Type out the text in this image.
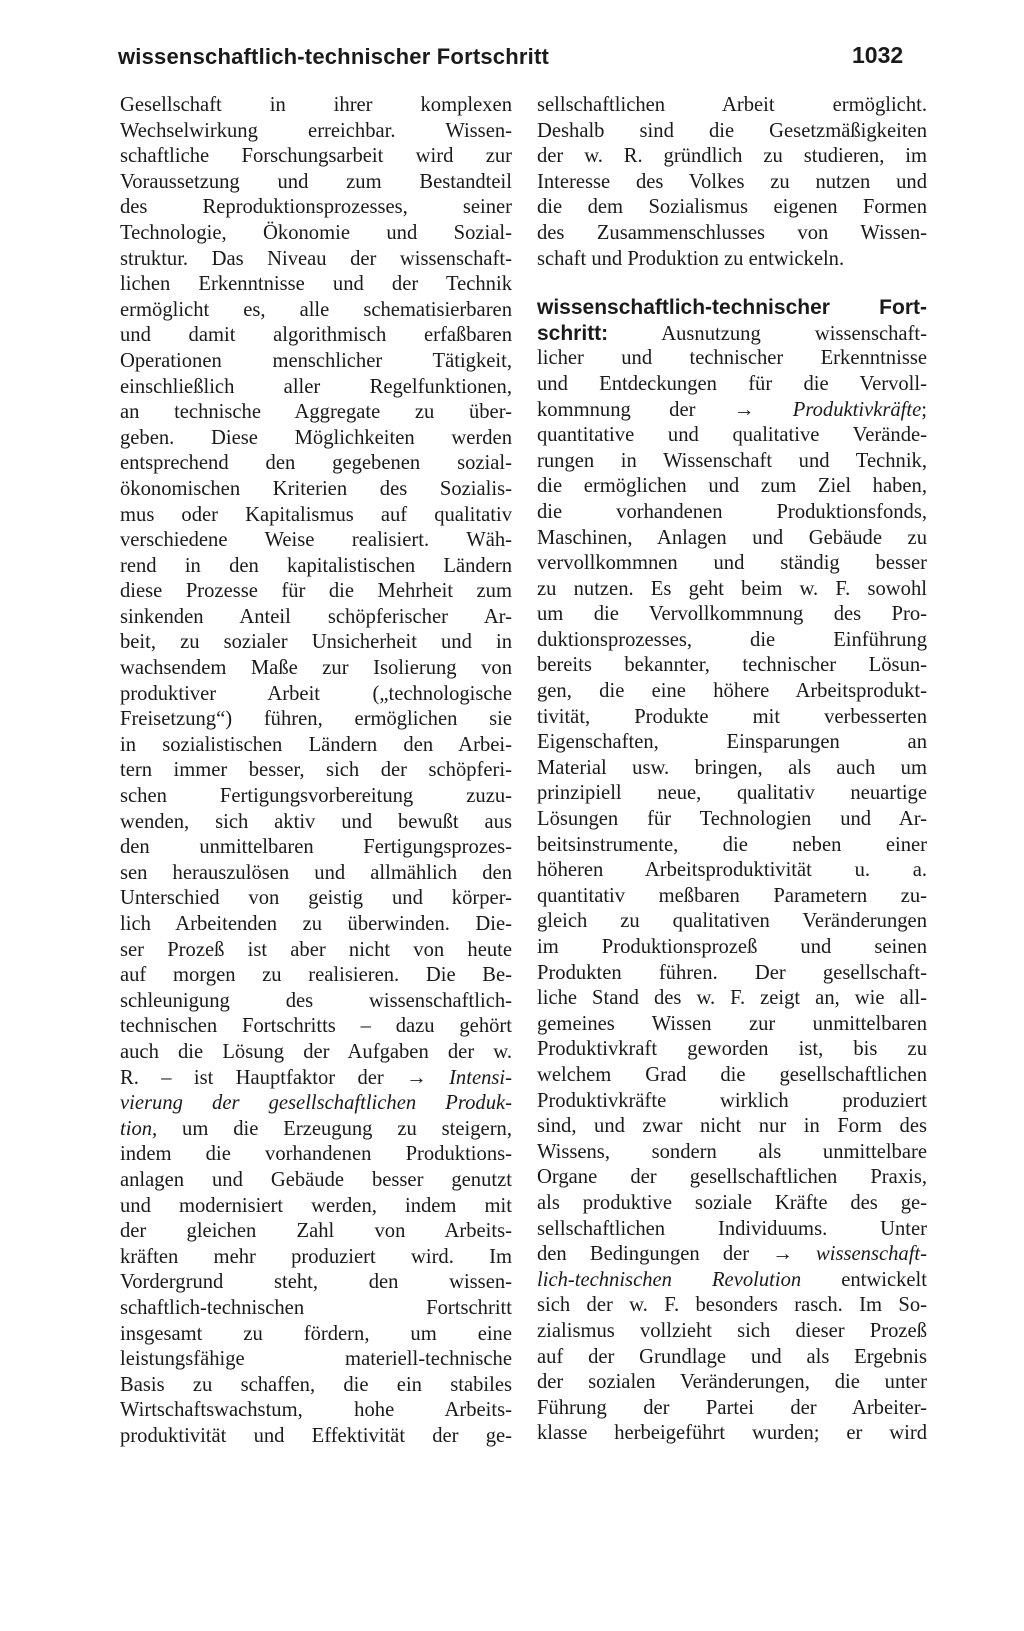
wissenschaftlich-technischer Fortschritt	1032
Gesellschaft in ihrer komplexen
Wechselwirkung erreichbar. Wissen-
schaftliche Forschungsarbeit wird zur
Voraussetzung und zum Bestandteil
des Reproduktionsprozesses, seiner
Technologie, Ökonomie und Sozial-
struktur. Das Niveau der wissenschaft-
lichen Erkenntnisse und der Technik
ermöglicht es, alle schematisierbaren
und damit algorithmisch erfaßbaren
Operationen menschlicher Tätigkeit,
einschließlich aller Regelfunktionen,
an technische Aggregate zu über-
geben. Diese Möglichkeiten werden
entsprechend den gegebenen sozial-
ökonomischen Kriterien des Sozialis-
mus oder Kapitalismus auf qualitativ
verschiedene Weise realisiert. Wäh-
rend in den kapitalistischen Ländern
diese Prozesse für die Mehrheit zum
sinkenden Anteil schöpferischer Ar-
beit, zu sozialer Unsicherheit und in
wachsendem Maße zur Isolierung von
produktiver Arbeit („technologische
Freisetzung“) führen, ermöglichen sie
in sozialistischen Ländern den Arbei-
tern immer besser, sich der schöpferi-
schen Fertigungsvorbereitung zuzu-
wenden, sich aktiv und bewußt aus
den unmittelbaren Fertigungsprozes-
sen herauszulösen und allmählich den
Unterschied von geistig und körper-
lich Arbeitenden zu überwinden. Die-
ser Prozeß ist aber nicht von heute
auf morgen zu realisieren. Die Be-
schleunigung des wissenschaftlich-
technischen Fortschritts – dazu gehört
auch die Lösung der Aufgaben der w.
R. – ist Hauptfaktor der → Intensi-
vierung der gesellschaftlichen Produk-
tion, um die Erzeugung zu steigern,
indem die vorhandenen Produktions-
anlagen und Gebäude besser genutzt
und modernisiert werden, indem mit
der gleichen Zahl von Arbeits-
kräften mehr produziert wird. Im
Vordergrund steht, den wissen-
schaftlich-technischen Fortschritt
insgesamt zu fördern, um eine
leistungsfähige materiell-technische
Basis zu schaffen, die ein stabiles
Wirtschaftswachstum, hohe Arbeits-
produktivität und Effektivität der ge-
sellschaftlichen Arbeit ermöglicht.
Deshalb sind die Gesetzmäßigkeiten
der w. R. gründlich zu studieren, im
Interesse des Volkes zu nutzen und
die dem Sozialismus eigenen Formen
des Zusammenschlusses von Wissen-
schaft und Produktion zu entwickeln.
wissenschaftlich-technischer Fort-
schritt: Ausnutzung wissenschaft-
licher und technischer Erkenntnisse
und Entdeckungen für die Vervoll-
kommnung der → Produktivkräfte;
quantitative und qualitative Verände-
rungen in Wissenschaft und Technik,
die ermöglichen und zum Ziel haben,
die vorhandenen Produktionsfonds,
Maschinen, Anlagen und Gebäude zu
vervollkommnen und ständig besser
zu nutzen. Es geht beim w. F. sowohl
um die Vervollkommnung des Pro-
duktionsprozesses, die Einführung
bereits bekannter, technischer Lösun-
gen, die eine höhere Arbeitsprodukt-
tivität, Produkte mit verbesserten
Eigenschaften, Einsparungen an
Material usw. bringen, als auch um
prinzipiell neue, qualitativ neuartige
Lösungen für Technologien und Ar-
beitsinstrumente, die neben einer
höheren Arbeitsproduktivität u. a.
quantitativ meßbaren Parametern zu-
gleich zu qualitativen Veränderungen
im Produktionsprozeß und seinen
Produkten führen. Der gesellschaft-
liche Stand des w. F. zeigt an, wie all-
gemeines Wissen zur unmittelbaren
Produktivkraft geworden ist, bis zu
welchem Grad die gesellschaftlichen
Produktivkräfte wirklich produziert
sind, und zwar nicht nur in Form des
Wissens, sondern als unmittelbare
Organe der gesellschaftlichen Praxis,
als produktive soziale Kräfte des ge-
sellschaftlichen Individuums. Unter
den Bedingungen der → wissenschaft-
lich-technischen Revolution entwickelt
sich der w. F. besonders rasch. Im So-
zialismus vollzieht sich dieser Prozeß
auf der Grundlage und als Ergebnis
der sozialen Veränderungen, die unter
Führung der Partei der Arbeiter-
klasse herbeigeführt wurden; er wird
